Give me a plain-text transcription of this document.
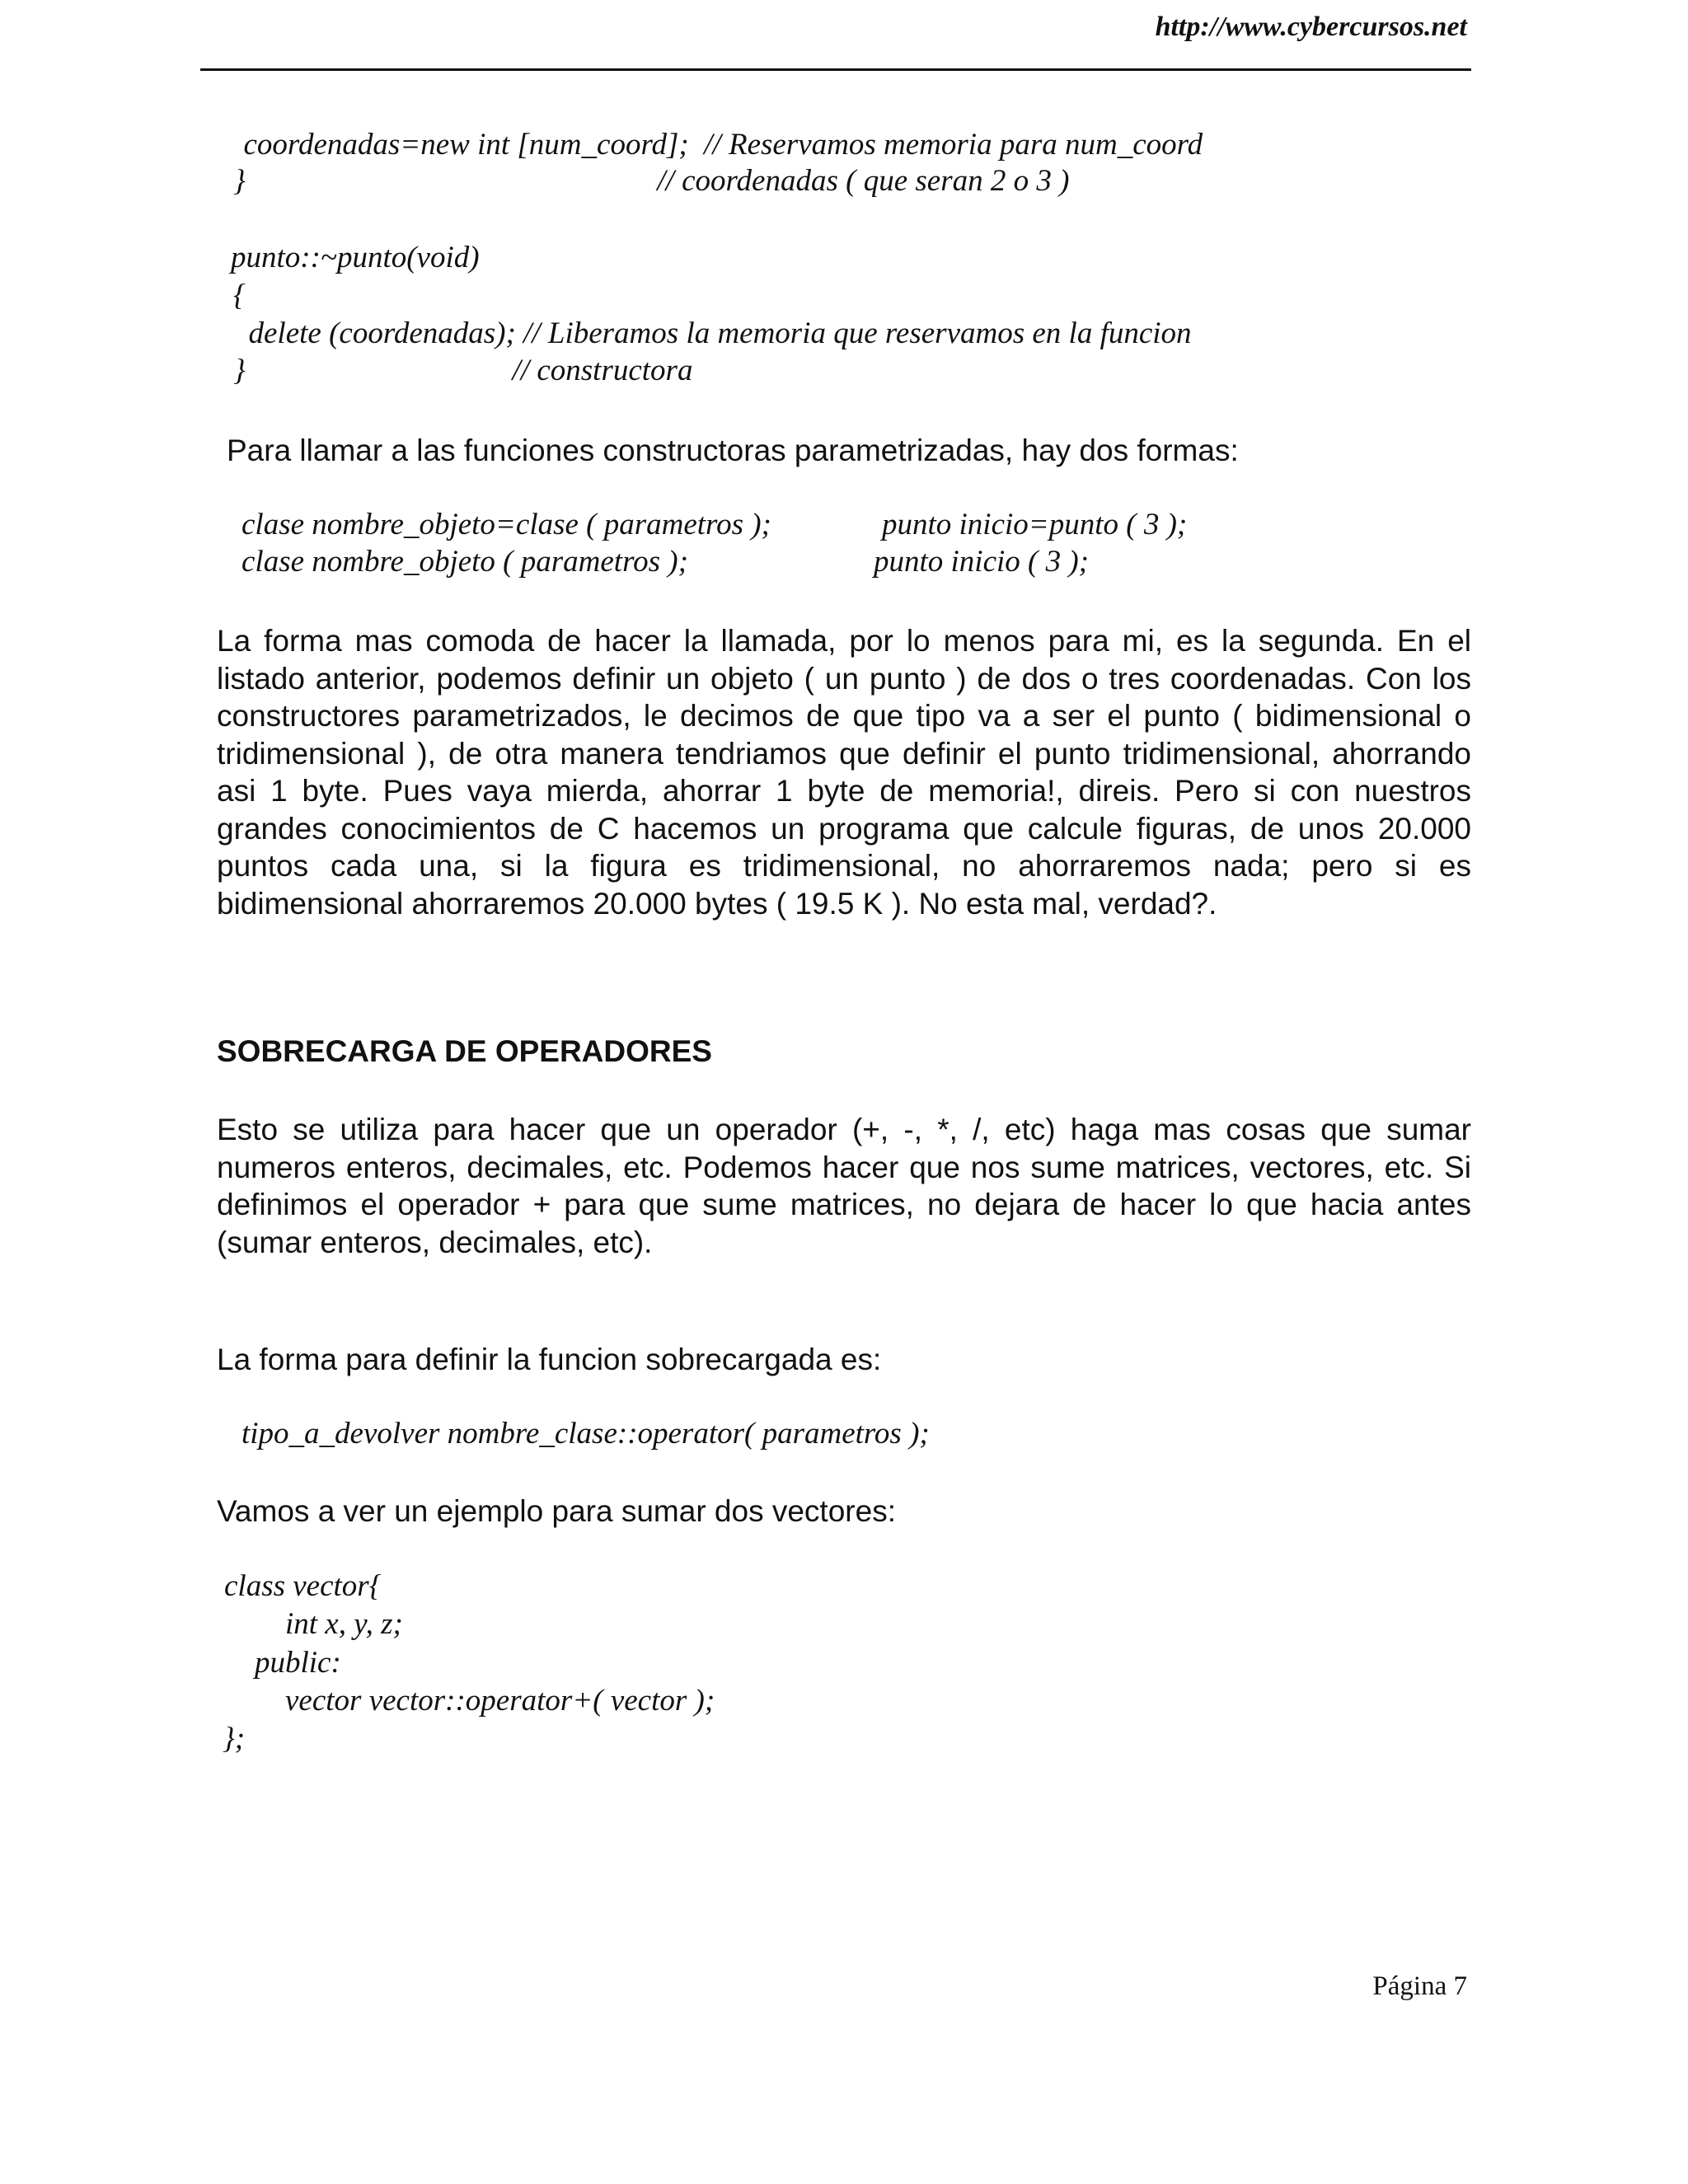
http://www.cybercursos.net
coordenadas=new int [num_coord];  // Reservamos memoria para num_coord
}                                                      // coordenadas ( que seran 2 o 3 )
punto::~punto(void)
{
delete (coordenadas); // Liberamos la memoria que reservamos en la funcion
}                                   // constructora
Para llamar a las funciones constructoras parametrizadas, hay dos formas:
clase nombre_objeto=clase ( parametros );
clase nombre_objeto ( parametros );
punto inicio=punto ( 3 );
punto inicio ( 3 );
La forma mas comoda de hacer la llamada, por lo menos para mi, es la segunda. En el listado anterior, podemos definir un objeto ( un punto ) de dos o tres coordenadas. Con los constructores parametrizados, le decimos de que tipo va a ser el punto ( bidimensional o tridimensional ), de otra manera tendriamos que definir el punto tridimensional, ahorrando asi 1 byte. Pues vaya mierda, ahorrar 1 byte de memoria!, direis. Pero si con nuestros grandes conocimientos de C hacemos un programa que calcule figuras, de unos 20.000 puntos cada una, si la figura es tridimensional, no ahorraremos nada; pero si es bidimensional ahorraremos 20.000 bytes ( 19.5 K ). No esta mal, verdad?.
SOBRECARGA DE OPERADORES
Esto se utiliza para hacer que un operador (+, -, *, /, etc) haga mas cosas que sumar numeros enteros, decimales, etc. Podemos hacer que nos sume matrices, vectores, etc. Si definimos el operador + para que sume matrices, no dejara de hacer lo que hacia antes (sumar enteros, decimales, etc).
La forma para definir la funcion sobrecargada es:
tipo_a_devolver nombre_clase::operator( parametros );
Vamos a ver un ejemplo para sumar dos vectores:
class vector{
int x, y, z;
public:
vector vector::operator+( vector );
};
Página 7
